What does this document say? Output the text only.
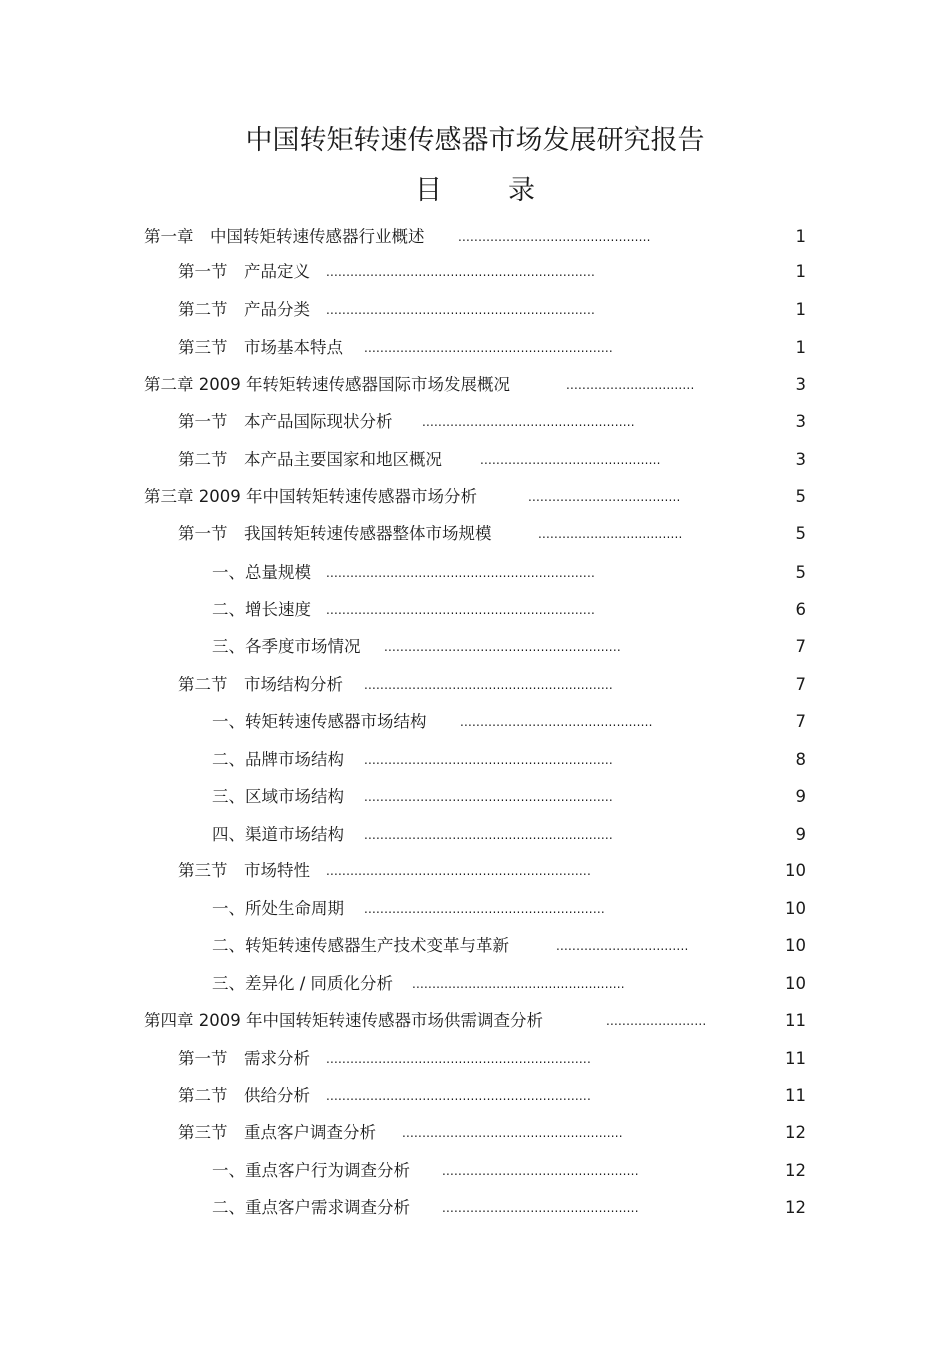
中国转矩转速传感器市场发展研究报告
目 录
第一章　中国转矩转速传感器行业概述	................................................	1
第一节　产品定义 ...................................................................	1
第二节　产品分类 ...................................................................	1
第三节　市场基本特点 ..............................................................	1
第二章 2009 年转矩转速传感器国际市场发展概况	................................	3
第一节　本产品国际现状分析 .....................................................	3
第二节　本产品主要国家和地区概况	.............................................	3
第三章 2009 年中国转矩转速传感器市场分析	......................................	5
第一节　我国转矩转速传感器整体市场规模	....................................	5
一、总量规模 ...................................................................	5
二、增长速度 ...................................................................	6
三、各季度市场情况 ...........................................................	7
第二节　市场结构分析 ..............................................................	7
一、转矩转速传感器市场结构	................................................	7
二、品牌市场结构 ..............................................................	8
三、区域市场结构 ..............................................................	9
四、渠道市场结构 ..............................................................	9
第三节　市场特性 ..................................................................	10
一、所处生命周期 ............................................................	10
二、转矩转速传感器生产技术变革与革新	.................................	10
三、差异化 / 同质化分析 .....................................................	10
第四章 2009 年中国转矩转速传感器市场供需调查分析	.........................	11
第一节　需求分析 ..................................................................	11
第二节　供给分析 ..................................................................	11
第三节　重点客户调查分析 .......................................................	12
一、重点客户行为调查分析	.................................................	12
二、重点客户需求调查分析	.................................................	12
